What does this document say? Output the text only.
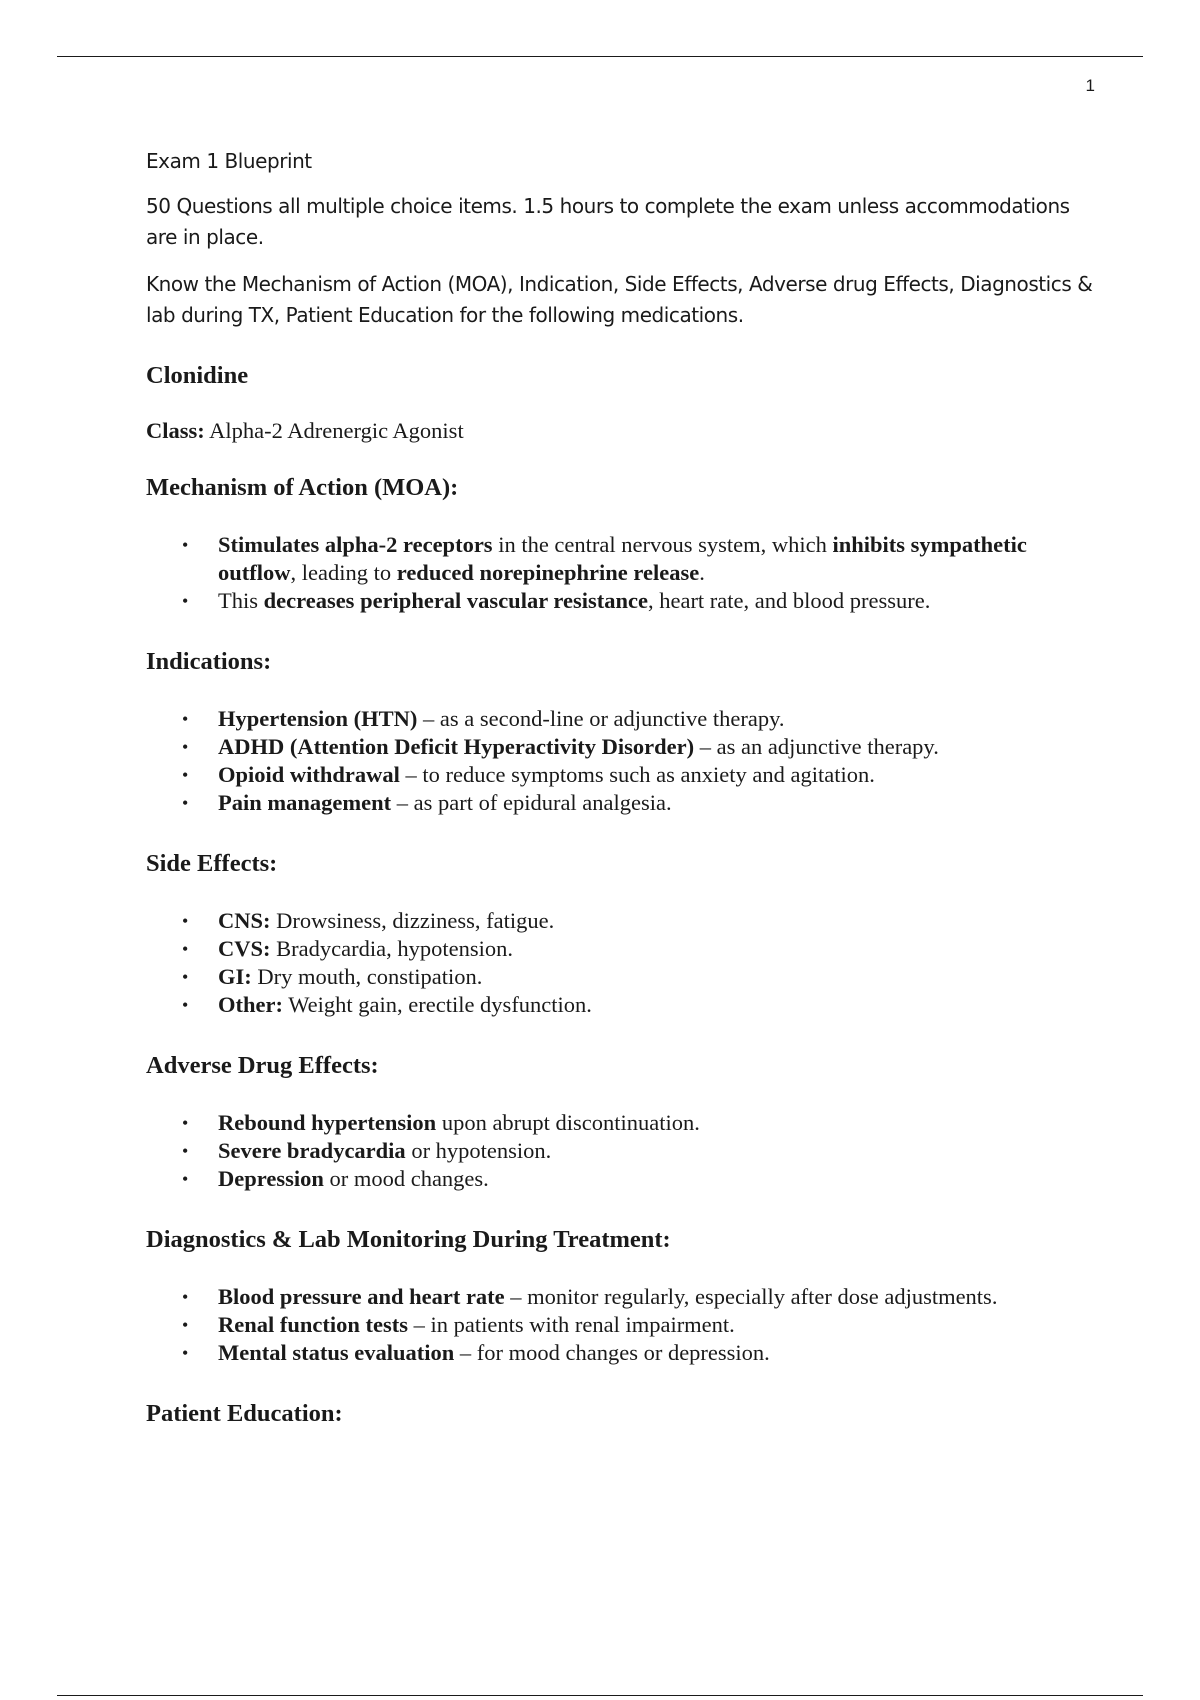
1

Exam 1 Blueprint

50 Questions all multiple choice items. 1.5 hours to complete the exam unless accommodations are in place.

Know the Mechanism of Action (MOA), Indication, Side Effects, Adverse drug Effects, Diagnostics & lab during TX, Patient Education for the following medications.

Clonidine

Class: Alpha-2 Adrenergic Agonist

Mechanism of Action (MOA):
• Stimulates alpha-2 receptors in the central nervous system, which inhibits sympathetic outflow, leading to reduced norepinephrine release.
• This decreases peripheral vascular resistance, heart rate, and blood pressure.
Indications:
• Hypertension (HTN) – as a second-line or adjunctive therapy.
• ADHD (Attention Deficit Hyperactivity Disorder) – as an adjunctive therapy.
• Opioid withdrawal – to reduce symptoms such as anxiety and agitation.
• Pain management – as part of epidural analgesia.
Side Effects:
• CNS: Drowsiness, dizziness, fatigue.
• CVS: Bradycardia, hypotension.
• GI: Dry mouth, constipation.
• Other: Weight gain, erectile dysfunction.
Adverse Drug Effects:
• Rebound hypertension upon abrupt discontinuation.
• Severe bradycardia or hypotension.
• Depression or mood changes.
Diagnostics & Lab Monitoring During Treatment:
• Blood pressure and heart rate – monitor regularly, especially after dose adjustments.
• Renal function tests – in patients with renal impairment.
• Mental status evaluation – for mood changes or depression.
Patient Education:
